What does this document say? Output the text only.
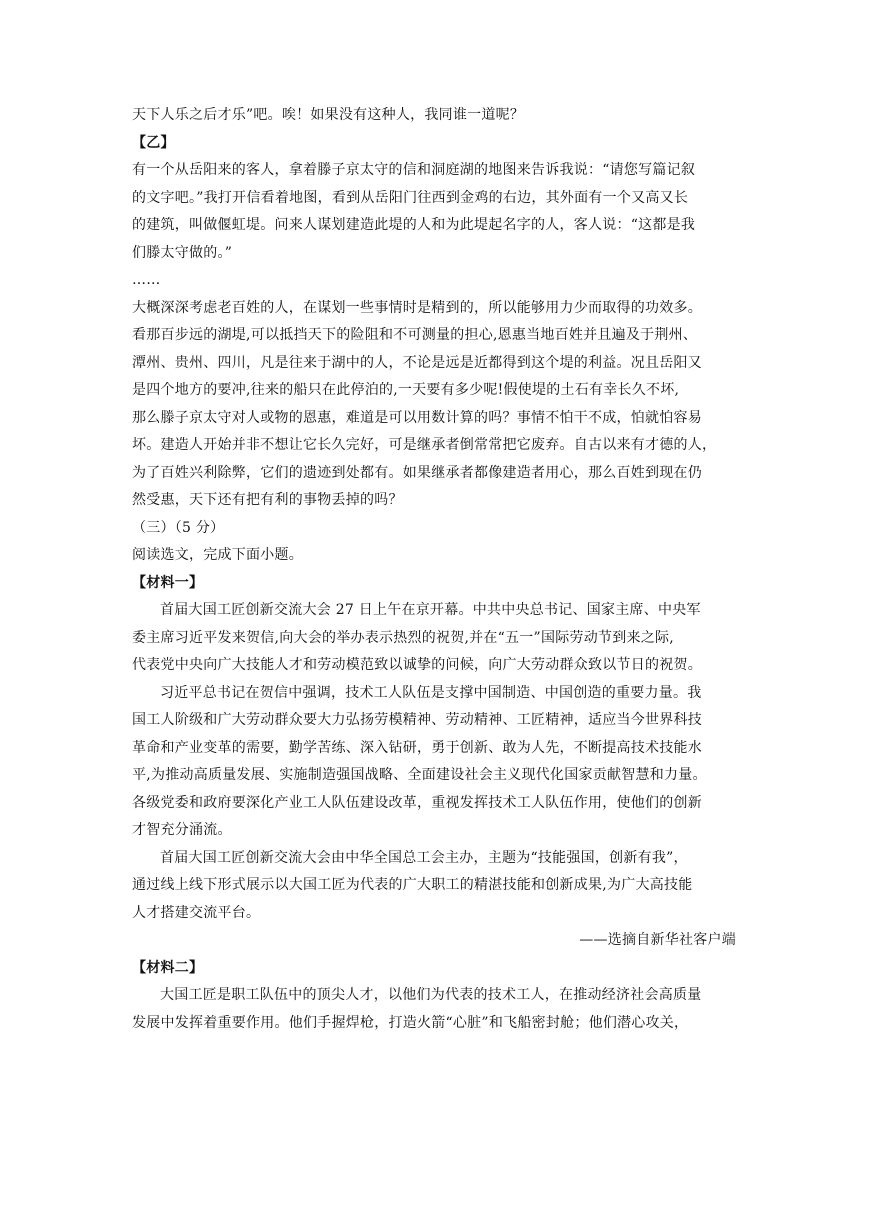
天下人乐之后才乐”吧。唉！如果没有这种人，我同谁一道呢？
【乙】
有一个从岳阳来的客人，拿着滕子京太守的信和洞庭湖的地图来告诉我说：“请您写篇记叙
的文字吧。”我打开信看着地图，看到从岳阳门往西到金鸡的右边，其外面有一个又高又长
的建筑，叫做偃虹堤。问来人谋划建造此堤的人和为此堤起名字的人，客人说：“这都是我
们滕太守做的。”
……
大概深深考虑老百姓的人，在谋划一些事情时是精到的，所以能够用力少而取得的功效多。
看那百步远的湖堤,可以抵挡天下的险阻和不可测量的担心,恩惠当地百姓并且遍及于荆州、
潭州、贵州、四川，凡是往来于湖中的人，不论是远是近都得到这个堤的利益。况且岳阳又
是四个地方的要冲,往来的船只在此停泊的,一天要有多少呢!假使堤的土石有幸长久不坏,
那么滕子京太守对人或物的恩惠，难道是可以用数计算的吗？事情不怕干不成，怕就怕容易
坏。建造人开始并非不想让它长久完好，可是继承者倒常常把它废弃。自古以来有才德的人，
为了百姓兴利除弊，它们的遗迹到处都有。如果继承者都像建造者用心，那么百姓到现在仍
然受惠，天下还有把有利的事物丢掉的吗？
（三）（5 分）
阅读选文，完成下面小题。
【材料一】
首届大国工匠创新交流大会 27 日上午在京开幕。中共中央总书记、国家主席、中央军
委主席习近平发来贺信,向大会的举办表示热烈的祝贺,并在“五一”国际劳动节到来之际,
代表党中央向广大技能人才和劳动模范致以诚挚的问候，向广大劳动群众致以节日的祝贺。
习近平总书记在贺信中强调，技术工人队伍是支撑中国制造、中国创造的重要力量。我
国工人阶级和广大劳动群众要大力弘扬劳模精神、劳动精神、工匠精神，适应当今世界科技
革命和产业变革的需要，勤学苦练、深入钻研，勇于创新、敢为人先，不断提高技术技能水
平,为推动高质量发展、实施制造强国战略、全面建设社会主义现代化国家贡献智慧和力量。
各级党委和政府要深化产业工人队伍建设改革，重视发挥技术工人队伍作用，使他们的创新
才智充分涌流。
首届大国工匠创新交流大会由中华全国总工会主办，主题为“技能强国，创新有我”，
通过线上线下形式展示以大国工匠为代表的广大职工的精湛技能和创新成果,为广大高技能
人才搭建交流平台。
——选摘自新华社客户端
【材料二】
大国工匠是职工队伍中的顶尖人才，以他们为代表的技术工人，在推动经济社会高质量
发展中发挥着重要作用。他们手握焊枪，打造火箭“心脏”和飞船密封舱；他们潜心攻关，
